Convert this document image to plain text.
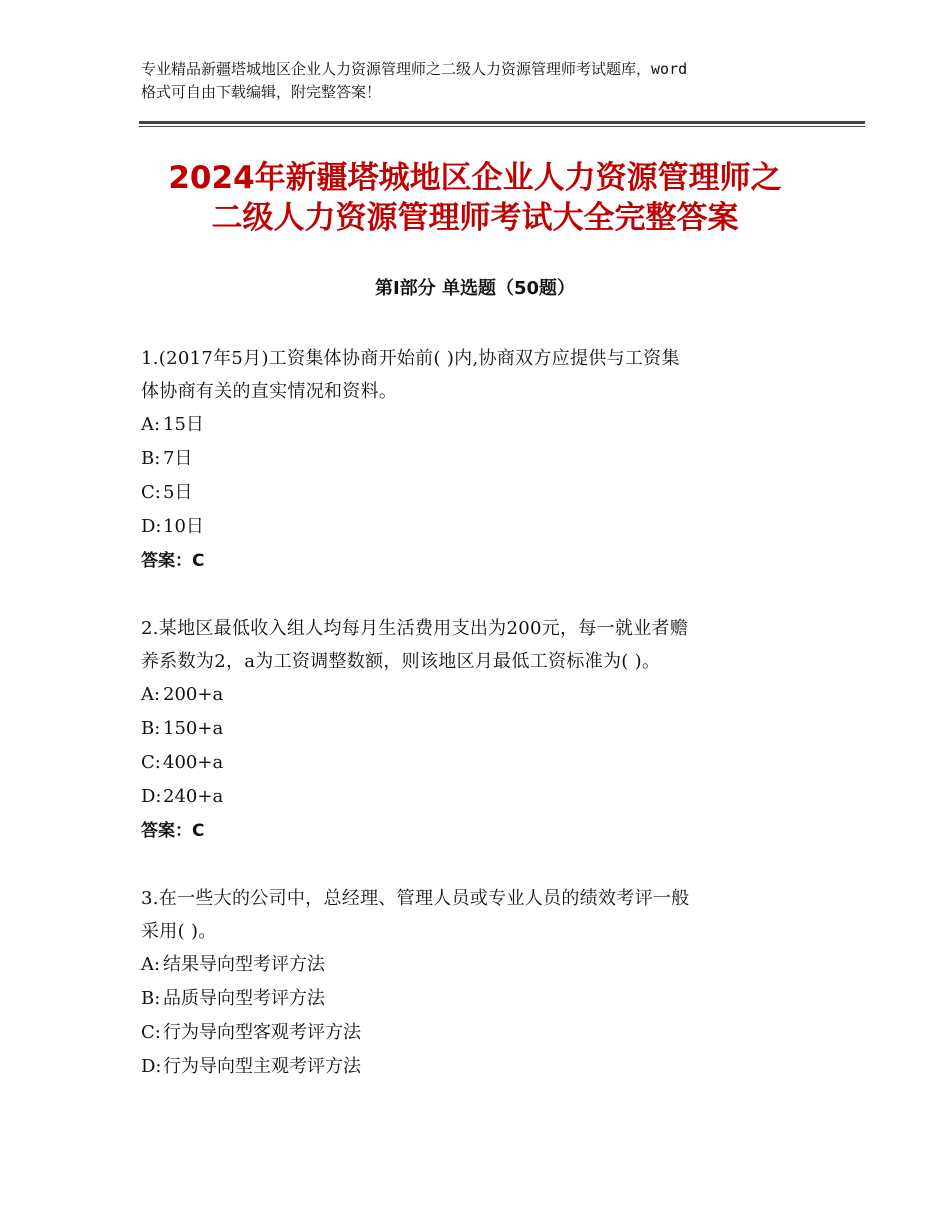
专业精品新疆塔城地区企业人力资源管理师之二级人力资源管理师考试题库，word
格式可自由下载编辑，附完整答案！
2024年新疆塔城地区企业人力资源管理师之
二级人力资源管理师考试大全完整答案
第Ⅰ部分 单选题（50题）
1.(2017年5月)工资集体协商开始前( )内,协商双方应提供与工资集
体协商有关的直实情况和资料。
A: 15日
B: 7日
C: 5日
D:10日
答案：C
2.某地区最低收入组人均每月生活费用支出为200元，每一就业者赡
养系数为2，a为工资调整数额，则该地区月最低工资标准为( )。
A: 200+a
B: 150+a
C: 400+a
D:240+a
答案：C
3.在一些大的公司中，总经理、管理人员或专业人员的绩效考评一般
采用( )。
A: 结果导向型考评方法
B: 品质导向型考评方法
C: 行为导向型客观考评方法
D:行为导向型主观考评方法
